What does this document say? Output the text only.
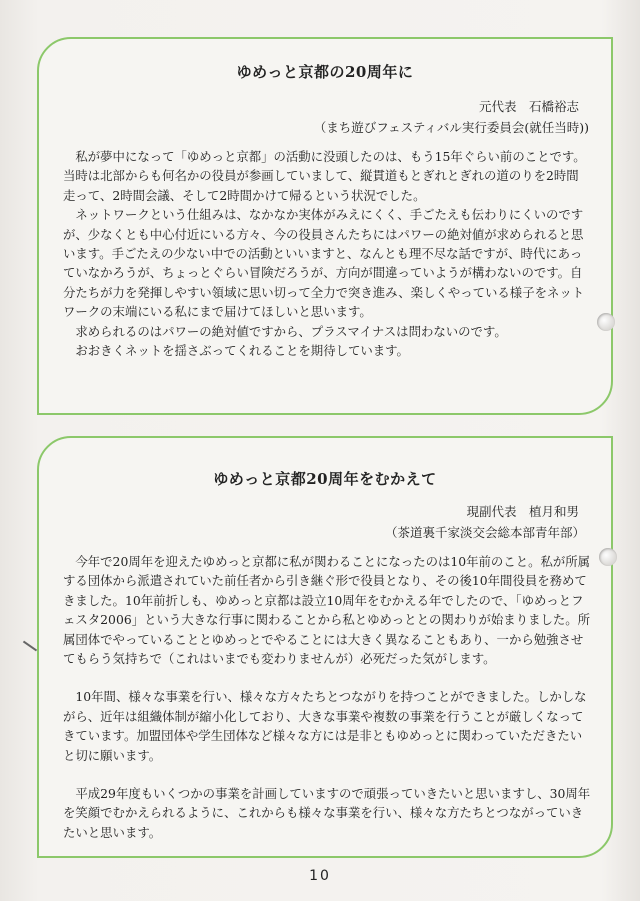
ゆめっと京都の20周年に
元代表　石橋裕志
（まち遊びフェスティバル実行委員会(就任当時))

私が夢中になって「ゆめっと京都」の活動に没頭したのは、もう15年ぐらい前のことです。当時は北部からも何名かの役員が参画していまして、縦貫道もとぎれとぎれの道のりを2時間走って、2時間会議、そして2時間かけて帰るという状況でした。

ネットワークという仕組みは、なかなか実体がみえにくく、手ごたえも伝わりにくいのですが、少なくとも中心付近にいる方々、今の役員さんたちにはパワーの絶対値が求められると思います。手ごたえの少ない中での活動といいますと、なんとも理不尽な話ですが、時代にあっていなかろうが、ちょっとぐらい冒険だろうが、方向が間違っていようが構わないのです。自分たちが力を発揮しやすい領域に思い切って全力で突き進み、楽しくやっている様子をネットワークの末端にいる私にまで届けてほしいと思います。

求められるのはパワーの絶対値ですから、プラスマイナスは問わないのです。

おおきくネットを揺さぶってくれることを期待しています。

ゆめっと京都20周年をむかえて
現副代表　植月和男
（茶道裏千家淡交会総本部青年部）

今年で20周年を迎えたゆめっと京都に私が関わることになったのは10年前のこと。私が所属する団体から派遣されていた前任者から引き継ぐ形で役員となり、その後10年間役員を務めてきました。10年前折しも、ゆめっと京都は設立10周年をむかえる年でしたので、「ゆめっとフェスタ2006」という大きな行事に関わることから私とゆめっととの関わりが始まりました。所属団体でやっていることとゆめっとでやることには大きく異なることもあり、一から勉強させてもらう気持ちで（これはいまでも変わりませんが）必死だった気がします。

10年間、様々な事業を行い、様々な方々たちとつながりを持つことができました。しかしながら、近年は組織体制が縮小化しており、大きな事業や複数の事業を行うことが厳しくなってきています。加盟団体や学生団体など様々な方には是非ともゆめっとに関わっていただきたいと切に願います。

平成29年度もいくつかの事業を計画していますので頑張っていきたいと思いますし、30周年を笑顔でむかえられるように、これからも様々な事業を行い、様々な方たちとつながっていきたいと思います。

10
